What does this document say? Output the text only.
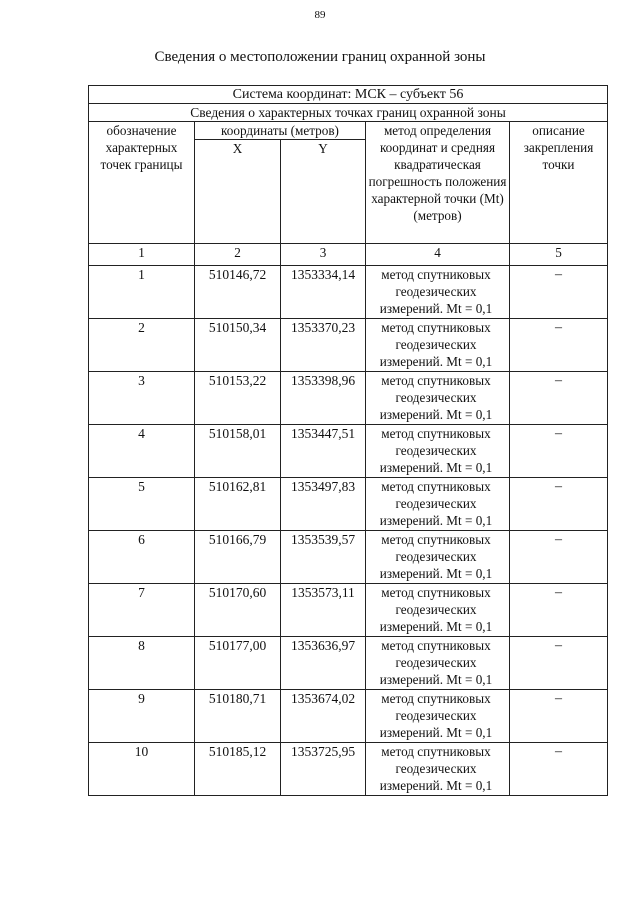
89
Сведения о местоположении границ охранной зоны
Система координат: МСК – субъект 56				
Сведения о характерных точках границ охранной зоны				
обозначение характерных точек границы	координаты (метров)		метод определения координат и средняя квадратическая погрешность положения характерной точки (Mt) (метров)	описание закрепления точки
	X	Y		
1	2	3	4	5
1	510146,72	1353334,14	метод спутниковых геодезических измерений. Mt = 0,1	–
2	510150,34	1353370,23	метод спутниковых геодезических измерений. Mt = 0,1	–
3	510153,22	1353398,96	метод спутниковых геодезических измерений. Mt = 0,1	–
4	510158,01	1353447,51	метод спутниковых геодезических измерений. Mt = 0,1	–
5	510162,81	1353497,83	метод спутниковых геодезических измерений. Mt = 0,1	–
6	510166,79	1353539,57	метод спутниковых геодезических измерений. Mt = 0,1	–
7	510170,60	1353573,11	метод спутниковых геодезических измерений. Mt = 0,1	–
8	510177,00	1353636,97	метод спутниковых геодезических измерений. Mt = 0,1	–
9	510180,71	1353674,02	метод спутниковых геодезических измерений. Mt = 0,1	–
10	510185,12	1353725,95	метод спутниковых геодезических измерений. Mt = 0,1	–
